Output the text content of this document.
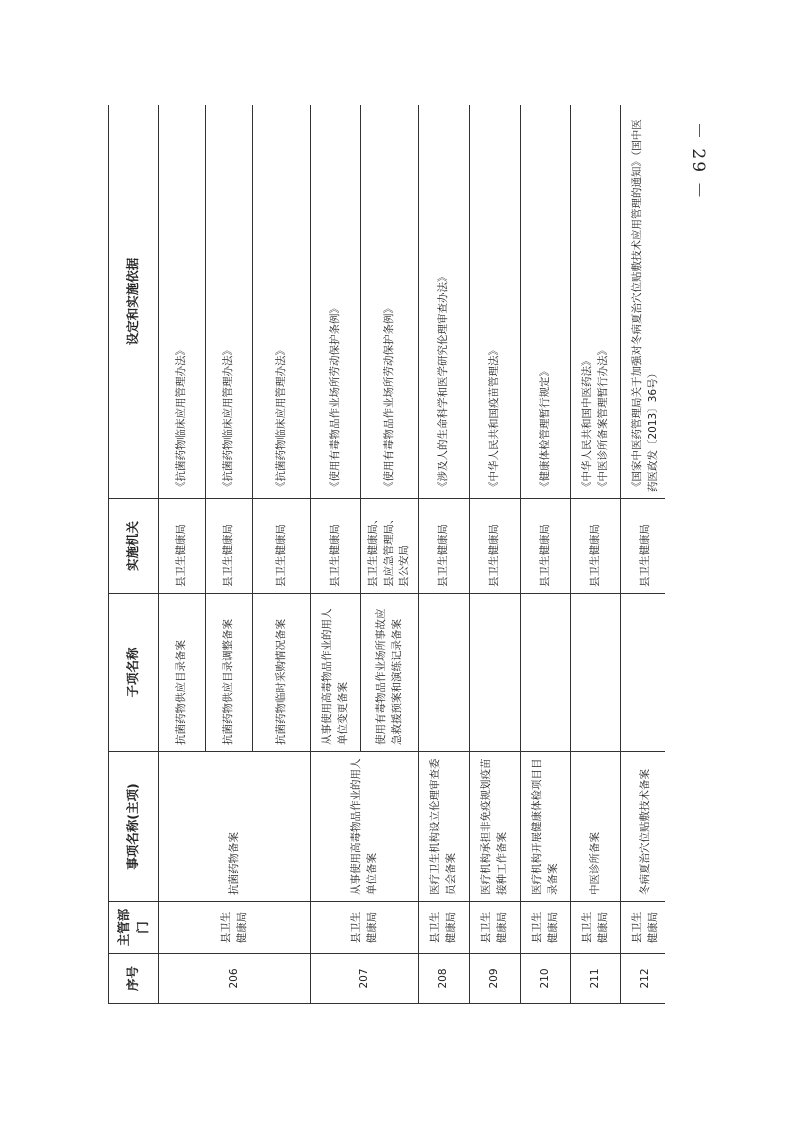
－ 29 －
序号	主管部门	事项名称(主项)	子项名称	实施机关	设定和实施依据
206	县卫生健康局	抗菌药物备案	抗菌药物供应目录备案	县卫生健康局	《抗菌药物临床应用管理办法》
			抗菌药物供应目录调整备案	县卫生健康局	《抗菌药物临床应用管理办法》
			抗菌药物临时采购情况备案	县卫生健康局	《抗菌药物临床应用管理办法》
207	县卫生健康局	从事使用高毒物品作业的用人单位备案	从事使用高毒物品作业的用人单位变更备案	县卫生健康局	《使用有毒物品作业场所劳动保护条例》
			使用有毒物品作业场所事故应急救援预案和演练记录备案	县卫生健康局、县应急管理局、县公安局	《使用有毒物品作业场所劳动保护条例》
208	县卫生健康局	医疗卫生机构设立伦理审查委员会备案		县卫生健康局	《涉及人的生命科学和医学研究伦理审查办法》
209	县卫生健康局	医疗机构承担非免疫规划疫苗接种工作备案		县卫生健康局	《中华人民共和国疫苗管理法》
210	县卫生健康局	医疗机构开展健康体检项目目录备案		县卫生健康局	《健康体检管理暂行规定》
211	县卫生健康局	中医诊所备案		县卫生健康局	《中华人民共和国中医药法》 《中医诊所备案管理暂行办法》

212	县卫生健康局	冬病夏治穴位贴敷技术备案		县卫生健康局	《国家中医药管理局关于加强对冬病夏治穴位贴敷技术应用管理的通知》（国中医药医政发〔2013〕36号）
